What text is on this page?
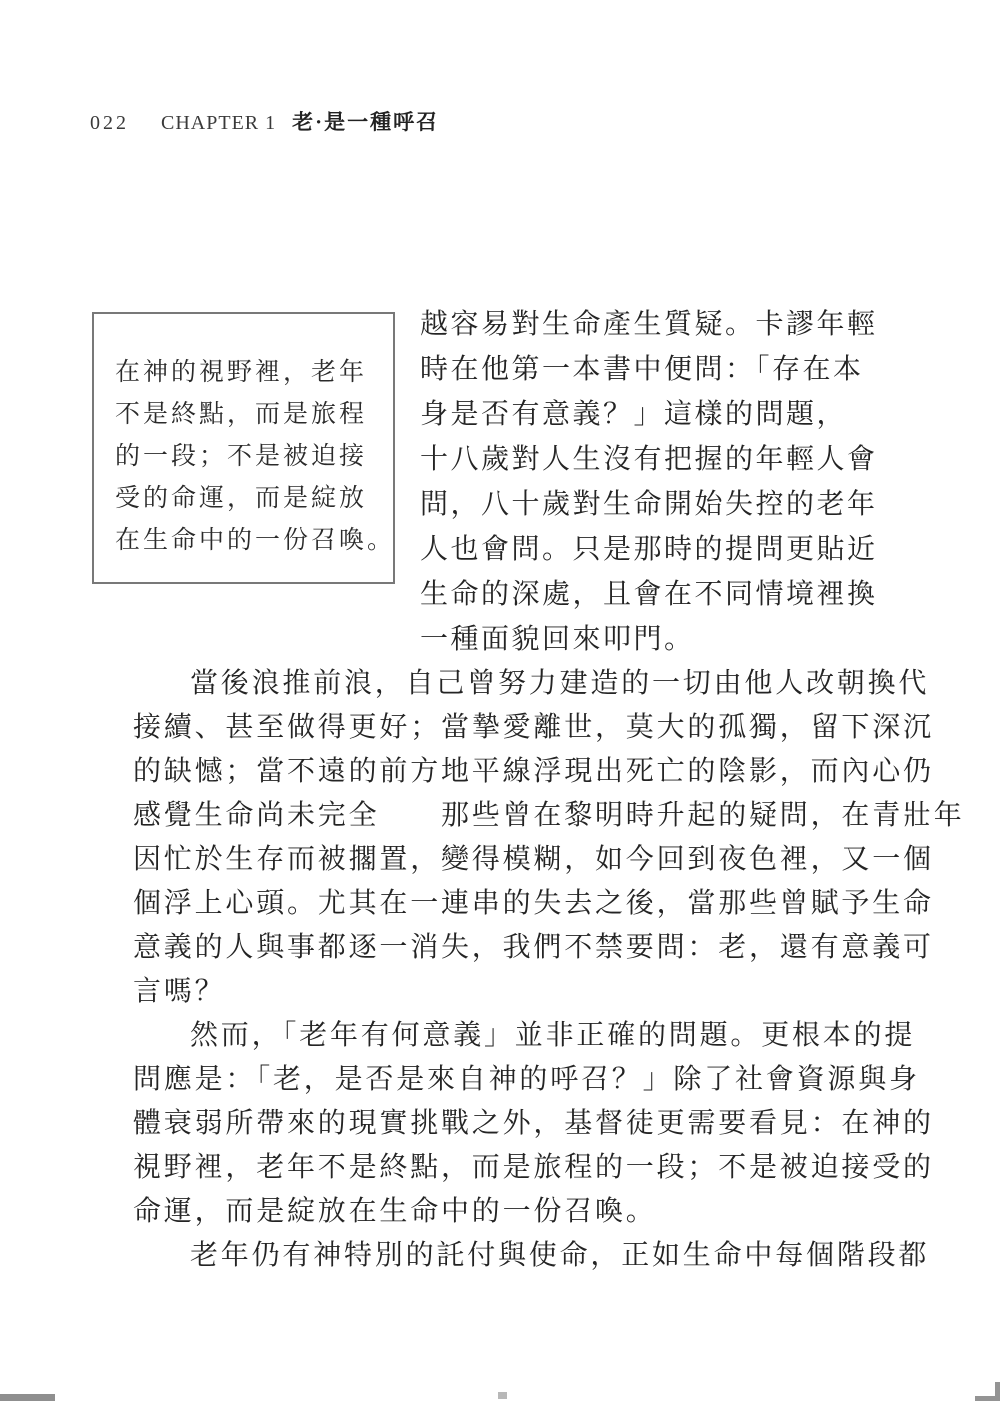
022 CHAPTER 1 老·是一種呼召
在神的視野裡，老年
不是終點，而是旅程
的一段；不是被迫接
受的命運，而是綻放
在生命中的一份召喚。
越容易對生命產生質疑。卡謬年輕
時在他第一本書中便問：「存在本
身是否有意義？」這樣的問題，
十八歲對人生沒有把握的年輕人會
問，八十歲對生命開始失控的老年
人也會問。只是那時的提問更貼近
生命的深處，且會在不同情境裡換
一種面貌回來叩門。
當後浪推前浪，自己曾努力建造的一切由他人改朝換代
接續、甚至做得更好；當摯愛離世，莫大的孤獨，留下深沉
的缺憾；當不遠的前方地平線浮現出死亡的陰影，而內心仍
感覺生命尚未完全　　那些曾在黎明時升起的疑問，在青壯年
因忙於生存而被擱置，變得模糊，如今回到夜色裡，又一個
個浮上心頭。尤其在一連串的失去之後，當那些曾賦予生命
意義的人與事都逐一消失，我們不禁要問：老，還有意義可
言嗎？
然而，「老年有何意義」並非正確的問題。更根本的提
問應是：「老，是否是來自神的呼召？」除了社會資源與身
體衰弱所帶來的現實挑戰之外，基督徒更需要看見：在神的
視野裡，老年不是終點，而是旅程的一段；不是被迫接受的
命運，而是綻放在生命中的一份召喚。
老年仍有神特別的託付與使命，正如生命中每個階段都
